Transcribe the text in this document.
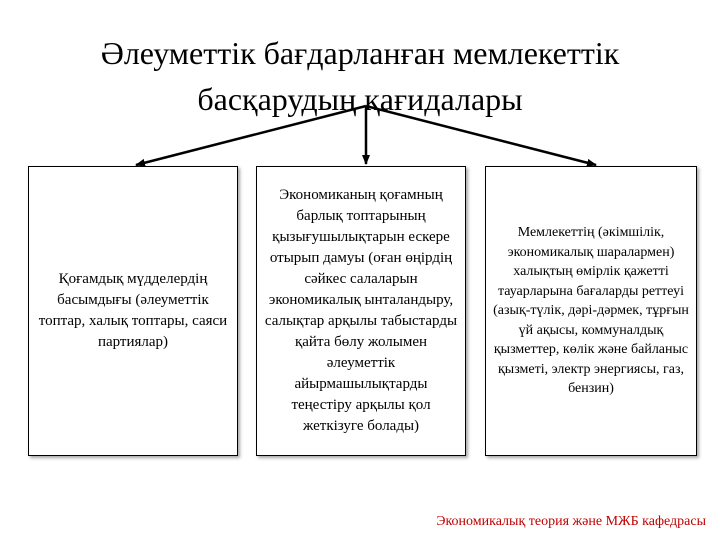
Әлеуметтік бағдарланған мемлекеттік
басқарудың қағидалары
Қоғамдық мүдделердің басымдығы (әлеуметтік топтар, халық топтары, саяси партиялар)
Экономиканың қоғамның барлық топтарының қызығушылықтарын ескере отырып дамуы (оған өңірдің сәйкес салаларын экономикалық ынталандыру, салықтар арқылы табыстарды қайта бөлу жолымен әлеуметтік айырмашылықтарды теңестіру арқылы қол жеткізуге болады)
Мемлекеттің (әкімшілік, экономикалық шаралармен) халықтың өмірлік қажетті тауарларына бағаларды реттеуі (азық-түлік, дәрі-дәрмек, тұрғын үй ақысы, коммуналдық қызметтер, көлік және байланыс қызметі, электр энергиясы, газ, бензин)
Экономикалық теория және МЖБ кафедрасы
